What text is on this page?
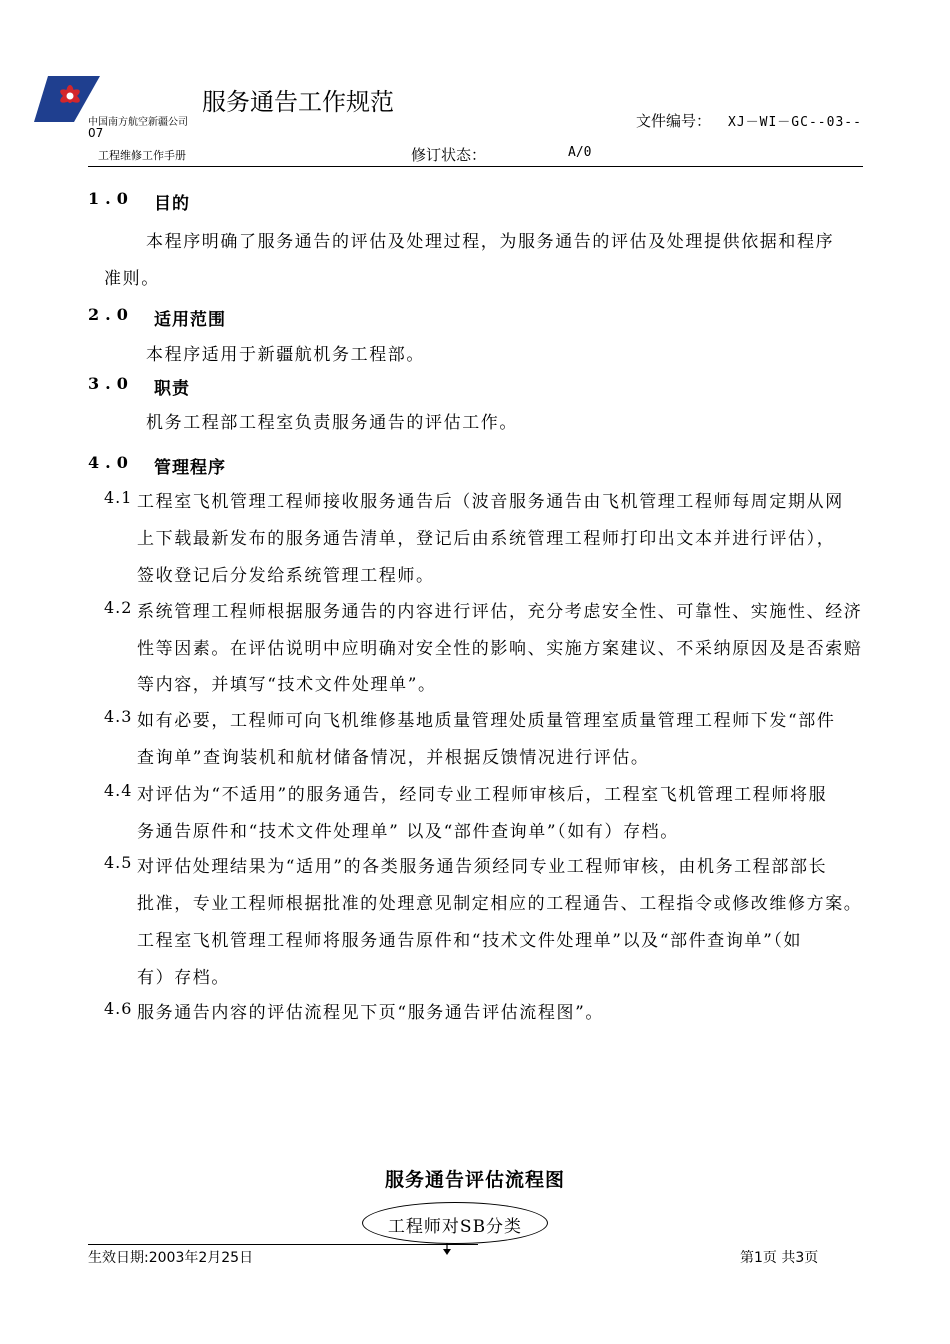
服务通告工作规范
中国南方航空新疆公司	文件编号： XJ－WI－GC--03--
07
工程维修工作手册	修订状态：	A/0
1.0 目的
本程序明确了服务通告的评估及处理过程，为服务通告的评估及处理提供依据和程序
准则。
2.0 适用范围
本程序适用于新疆航机务工程部。
3.0 职责
机务工程部工程室负责服务通告的评估工作。
4.0 管理程序
4.1 工程室飞机管理工程师接收服务通告后（波音服务通告由飞机管理工程师每周定期从网
上下载最新发布的服务通告清单，登记后由系统管理工程师打印出文本并进行评估），
签收登记后分发给系统管理工程师。
4.2 系统管理工程师根据服务通告的内容进行评估，充分考虑安全性、可靠性、实施性、经济
性等因素。在评估说明中应明确对安全性的影响、实施方案建议、不采纳原因及是否索赔
等内容，并填写“技术文件处理单”。
4.3 如有必要，工程师可向飞机维修基地质量管理处质量管理室质量管理工程师下发“部件
查询单”查询装机和航材储备情况，并根据反馈情况进行评估。
4.4 对评估为“不适用”的服务通告，经同专业工程师审核后，工程室飞机管理工程师将服
务通告原件和“技术文件处理单” 以及“部件查询单”（如有）存档。
4.5 对评估处理结果为“适用”的各类服务通告须经同专业工程师审核，由机务工程部部长
批准，专业工程师根据批准的处理意见制定相应的工程通告、工程指令或修改维修方案。
工程室飞机管理工程师将服务通告原件和“技术文件处理单”以及“部件查询单”（如
有）存档。
4.6 服务通告内容的评估流程见下页“服务通告评估流程图”。
服务通告评估流程图
工程师对SB分类
生效日期:2003年2月25日	第1页 共3页
